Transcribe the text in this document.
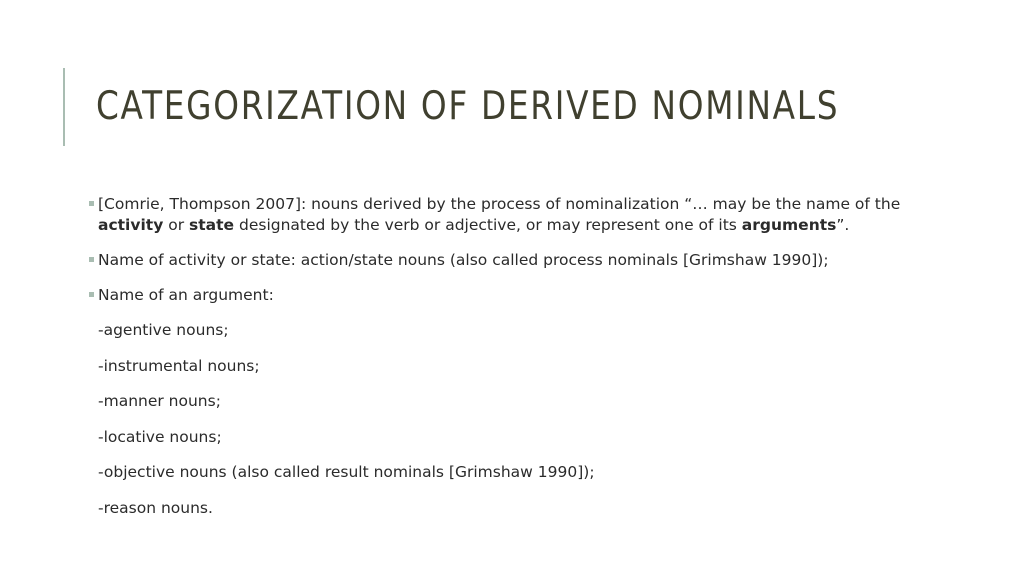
CATEGORIZATION OF DERIVED NOMINALS
[Comrie, Thompson 2007]: nouns derived by the process of nominalization “… may be the name of the activity or state designated by the verb or adjective, or may represent one of its arguments”.
Name of activity or state: action/state nouns (also called process nominals [Grimshaw 1990]);
Name of an argument:
-agentive nouns;
-instrumental nouns;
-manner nouns;
-locative nouns;
-objective nouns (also called result nominals [Grimshaw 1990]);
-reason nouns.
